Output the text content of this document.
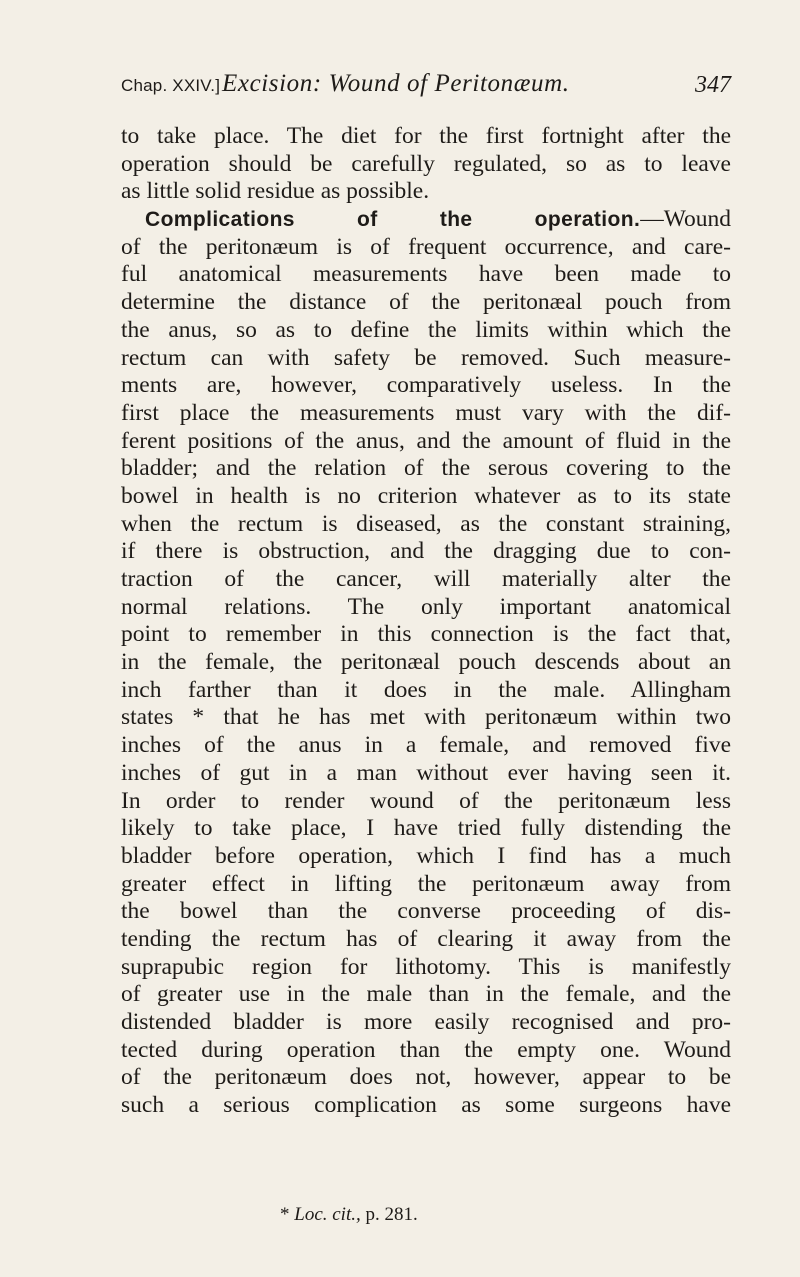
Chap. XXIV.] Excision: Wound of Peritonæum.	347
to take place. The diet for the first fortnight after the
operation should be carefully regulated, so as to leave
as little solid residue as possible.
Complications of the operation.—Wound
of the peritonæum is of frequent occurrence, and care-
ful anatomical measurements have been made to
determine the distance of the peritonæal pouch from
the anus, so as to define the limits within which the
rectum can with safety be removed. Such measure-
ments are, however, comparatively useless. In the
first place the measurements must vary with the dif-
ferent positions of the anus, and the amount of fluid in the
bladder; and the relation of the serous covering to the
bowel in health is no criterion whatever as to its state
when the rectum is diseased, as the constant straining,
if there is obstruction, and the dragging due to con-
traction of the cancer, will materially alter the
normal relations. The only important anatomical
point to remember in this connection is the fact that,
in the female, the peritonæal pouch descends about an
inch farther than it does in the male. Allingham
states * that he has met with peritonæum within two
inches of the anus in a female, and removed five
inches of gut in a man without ever having seen it.
In order to render wound of the peritonæum less
likely to take place, I have tried fully distending the
bladder before operation, which I find has a much
greater effect in lifting the peritonæum away from
the bowel than the converse proceeding of dis-
tending the rectum has of clearing it away from the
suprapubic region for lithotomy. This is manifestly
of greater use in the male than in the female, and the
distended bladder is more easily recognised and pro-
tected during operation than the empty one. Wound
of the peritonæum does not, however, appear to be
such a serious complication as some surgeons have
* Loc. cit., p. 281.
